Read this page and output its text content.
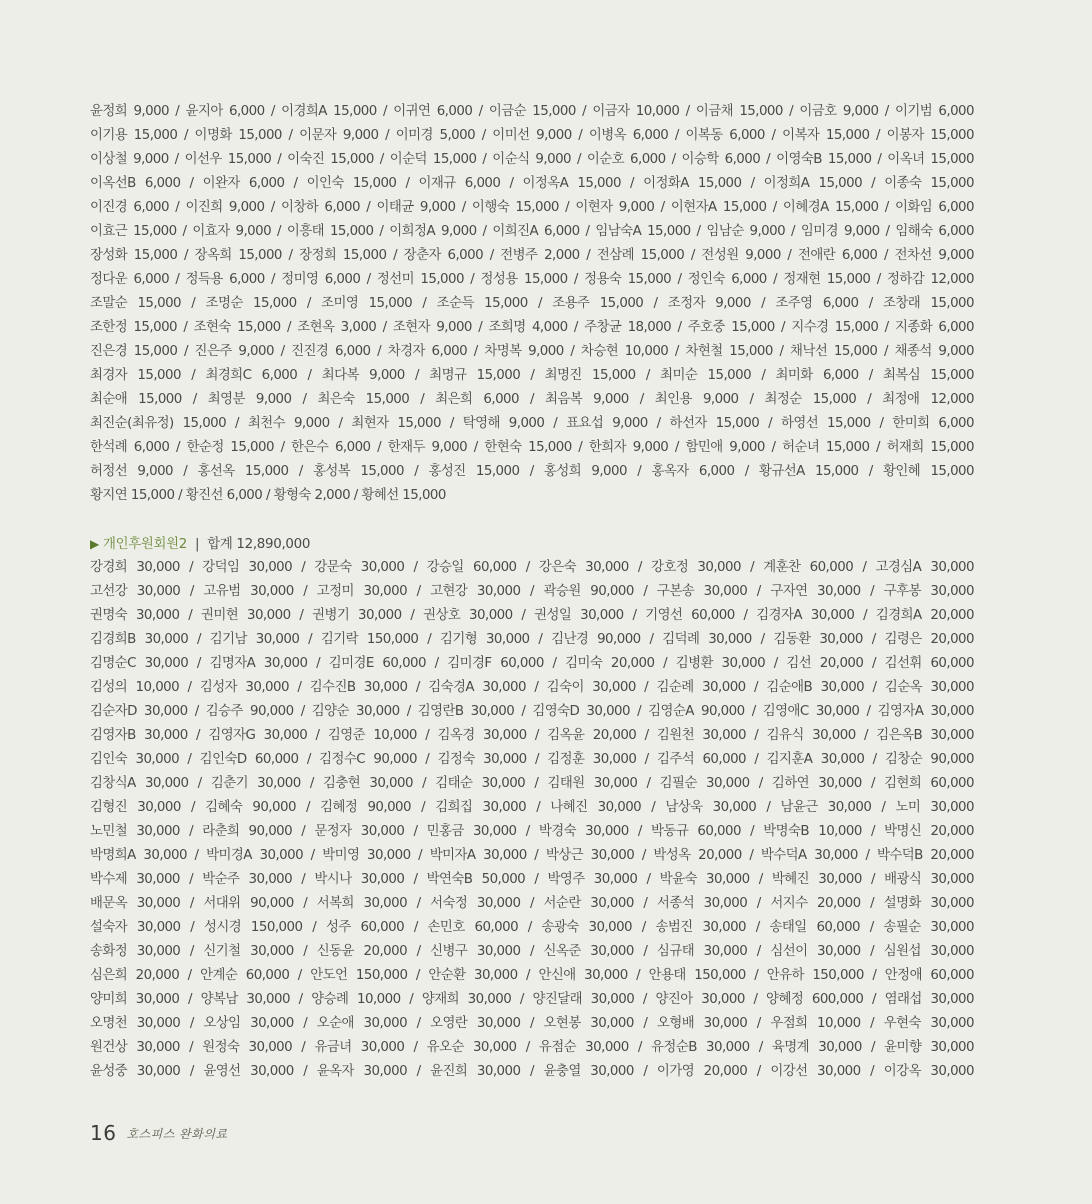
윤정희 9,000 / 윤지아 6,000 / 이경희A 15,000 / 이귀연 6,000 / 이금순 15,000 / 이금자 10,000 / 이금채 15,000 / 이금호 9,000 / 이기범 6,000
이기용 15,000 / 이명화 15,000 / 이문자 9,000 / 이미경 5,000 / 이미선 9,000 / 이병옥 6,000 / 이복동 6,000 / 이복자 15,000 / 이봉자 15,000
이상철 9,000 / 이선우 15,000 / 이숙진 15,000 / 이순덕 15,000 / 이순식 9,000 / 이순호 6,000 / 이승학 6,000 / 이영숙B 15,000 / 이옥녀 15,000
이옥선B 6,000 / 이완자 6,000 / 이인숙 15,000 / 이재규 6,000 / 이정옥A 15,000 / 이정화A 15,000 / 이정희A 15,000 / 이종숙 15,000
이진경 6,000 / 이진희 9,000 / 이창하 6,000 / 이태균 9,000 / 이행숙 15,000 / 이현자 9,000 / 이현자A 15,000 / 이혜경A 15,000 / 이화임 6,000
이효근 15,000 / 이효자 9,000 / 이흥태 15,000 / 이희정A 9,000 / 이희진A 6,000 / 임남숙A 15,000 / 임남순 9,000 / 임미경 9,000 / 임해숙 6,000
장성화 15,000 / 장옥희 15,000 / 장정희 15,000 / 장춘자 6,000 / 전병주 2,000 / 전삼례 15,000 / 전성원 9,000 / 전애란 6,000 / 전차선 9,000
정다운 6,000 / 정득용 6,000 / 정미영 6,000 / 정선미 15,000 / 정성용 15,000 / 정용숙 15,000 / 정인숙 6,000 / 정재현 15,000 / 정하감 12,000
조말순 15,000 / 조명순 15,000 / 조미영 15,000 / 조순득 15,000 / 조용주 15,000 / 조정자 9,000 / 조주영 6,000 / 조창래 15,000
조한정 15,000 / 조현숙 15,000 / 조현옥 3,000 / 조현자 9,000 / 조희명 4,000 / 주창균 18,000 / 주호중 15,000 / 지수경 15,000 / 지종화 6,000
진은경 15,000 / 진은주 9,000 / 진진경 6,000 / 차경자 6,000 / 차명복 9,000 / 차승현 10,000 / 차현철 15,000 / 채낙선 15,000 / 채종석 9,000
최경자 15,000 / 최경희C 6,000 / 최다복 9,000 / 최명규 15,000 / 최명진 15,000 / 최미순 15,000 / 최미화 6,000 / 최복심 15,000
최순애 15,000 / 최영분 9,000 / 최은숙 15,000 / 최은희 6,000 / 최음복 9,000 / 최인용 9,000 / 최정순 15,000 / 최정애 12,000
최진순(최유정) 15,000 / 최천수 9,000 / 최현자 15,000 / 탁영해 9,000 / 표요섭 9,000 / 하선자 15,000 / 하영선 15,000 / 한미희 6,000
한석례 6,000 / 한순정 15,000 / 한은수 6,000 / 한재두 9,000 / 한현숙 15,000 / 한희자 9,000 / 함민애 9,000 / 허순녀 15,000 / 허재희 15,000
허정선 9,000 / 홍선옥 15,000 / 홍성복 15,000 / 홍성진 15,000 / 홍성희 9,000 / 홍옥자 6,000 / 황규선A 15,000 / 황인혜 15,000
황지연 15,000 / 황진선 6,000 / 황형숙 2,000 / 황혜선 15,000
▶ 개인후원회원2 | 합계 12,890,000
강경희 30,000 / 강덕임 30,000 / 강문숙 30,000 / 강승일 60,000 / 강은숙 30,000 / 강호정 30,000 / 계훈찬 60,000 / 고경심A 30,000
고선강 30,000 / 고유범 30,000 / 고정미 30,000 / 고현강 30,000 / 곽승원 90,000 / 구본송 30,000 / 구자연 30,000 / 구후봉 30,000
권명숙 30,000 / 권미현 30,000 / 권병기 30,000 / 권상호 30,000 / 권성일 30,000 / 기영선 60,000 / 김경자A 30,000 / 김경희A 20,000
김경희B 30,000 / 김기남 30,000 / 김기락 150,000 / 김기형 30,000 / 김난경 90,000 / 김덕례 30,000 / 김동환 30,000 / 김령은 20,000
김명순C 30,000 / 김명자A 30,000 / 김미경E 60,000 / 김미경F 60,000 / 김미숙 20,000 / 김병환 30,000 / 김선 20,000 / 김선휘 60,000
김성의 10,000 / 김성자 30,000 / 김수진B 30,000 / 김숙경A 30,000 / 김숙이 30,000 / 김순례 30,000 / 김순애B 30,000 / 김순옥 30,000
김순자D 30,000 / 김승주 90,000 / 김양순 30,000 / 김영란B 30,000 / 김영숙D 30,000 / 김영순A 90,000 / 김영애C 30,000 / 김영자A 30,000
김영자B 30,000 / 김영자G 30,000 / 김영준 10,000 / 김옥경 30,000 / 김옥윤 20,000 / 김원천 30,000 / 김유식 30,000 / 김은옥B 30,000
김인숙 30,000 / 김인숙D 60,000 / 김정수C 90,000 / 김정숙 30,000 / 김정훈 30,000 / 김주석 60,000 / 김지훈A 30,000 / 김창순 90,000
김창식A 30,000 / 김춘기 30,000 / 김충현 30,000 / 김태순 30,000 / 김태원 30,000 / 김필순 30,000 / 김하연 30,000 / 김현희 60,000
김형진 30,000 / 김혜숙 90,000 / 김혜정 90,000 / 김희집 30,000 / 나혜진 30,000 / 남상욱 30,000 / 남윤근 30,000 / 노미 30,000
노민철 30,000 / 라춘희 90,000 / 문정자 30,000 / 민홍금 30,000 / 박경숙 30,000 / 박동규 60,000 / 박명숙B 10,000 / 박명신 20,000
박명희A 30,000 / 박미경A 30,000 / 박미영 30,000 / 박미자A 30,000 / 박상근 30,000 / 박성옥 20,000 / 박수덕A 30,000 / 박수덕B 20,000
박수제 30,000 / 박순주 30,000 / 박시나 30,000 / 박연숙B 50,000 / 박영주 30,000 / 박윤숙 30,000 / 박혜진 30,000 / 배광식 30,000
배문옥 30,000 / 서대위 90,000 / 서복희 30,000 / 서숙정 30,000 / 서순란 30,000 / 서종석 30,000 / 서지수 20,000 / 설명화 30,000
설숙자 30,000 / 성시경 150,000 / 성주 60,000 / 손민호 60,000 / 송광숙 30,000 / 송범진 30,000 / 송태일 60,000 / 송필순 30,000
송화정 30,000 / 신기철 30,000 / 신동윤 20,000 / 신병구 30,000 / 신옥준 30,000 / 심규태 30,000 / 심선이 30,000 / 심원섭 30,000
심은희 20,000 / 안계순 60,000 / 안도언 150,000 / 안순환 30,000 / 안신애 30,000 / 안용태 150,000 / 안유하 150,000 / 안정애 60,000
양미희 30,000 / 양복남 30,000 / 양승례 10,000 / 양재희 30,000 / 양진달래 30,000 / 양진아 30,000 / 양혜정 600,000 / 염래섭 30,000
오명천 30,000 / 오상임 30,000 / 오순애 30,000 / 오영란 30,000 / 오현봉 30,000 / 오형배 30,000 / 우점희 10,000 / 우현숙 30,000
원건상 30,000 / 원정숙 30,000 / 유금녀 30,000 / 유오순 30,000 / 유점순 30,000 / 유정순B 30,000 / 육명계 30,000 / 윤미향 30,000
윤성중 30,000 / 윤영선 30,000 / 윤옥자 30,000 / 윤진희 30,000 / 윤충열 30,000 / 이가영 20,000 / 이강선 30,000 / 이강옥 30,000
16 호스피스 완화의료
